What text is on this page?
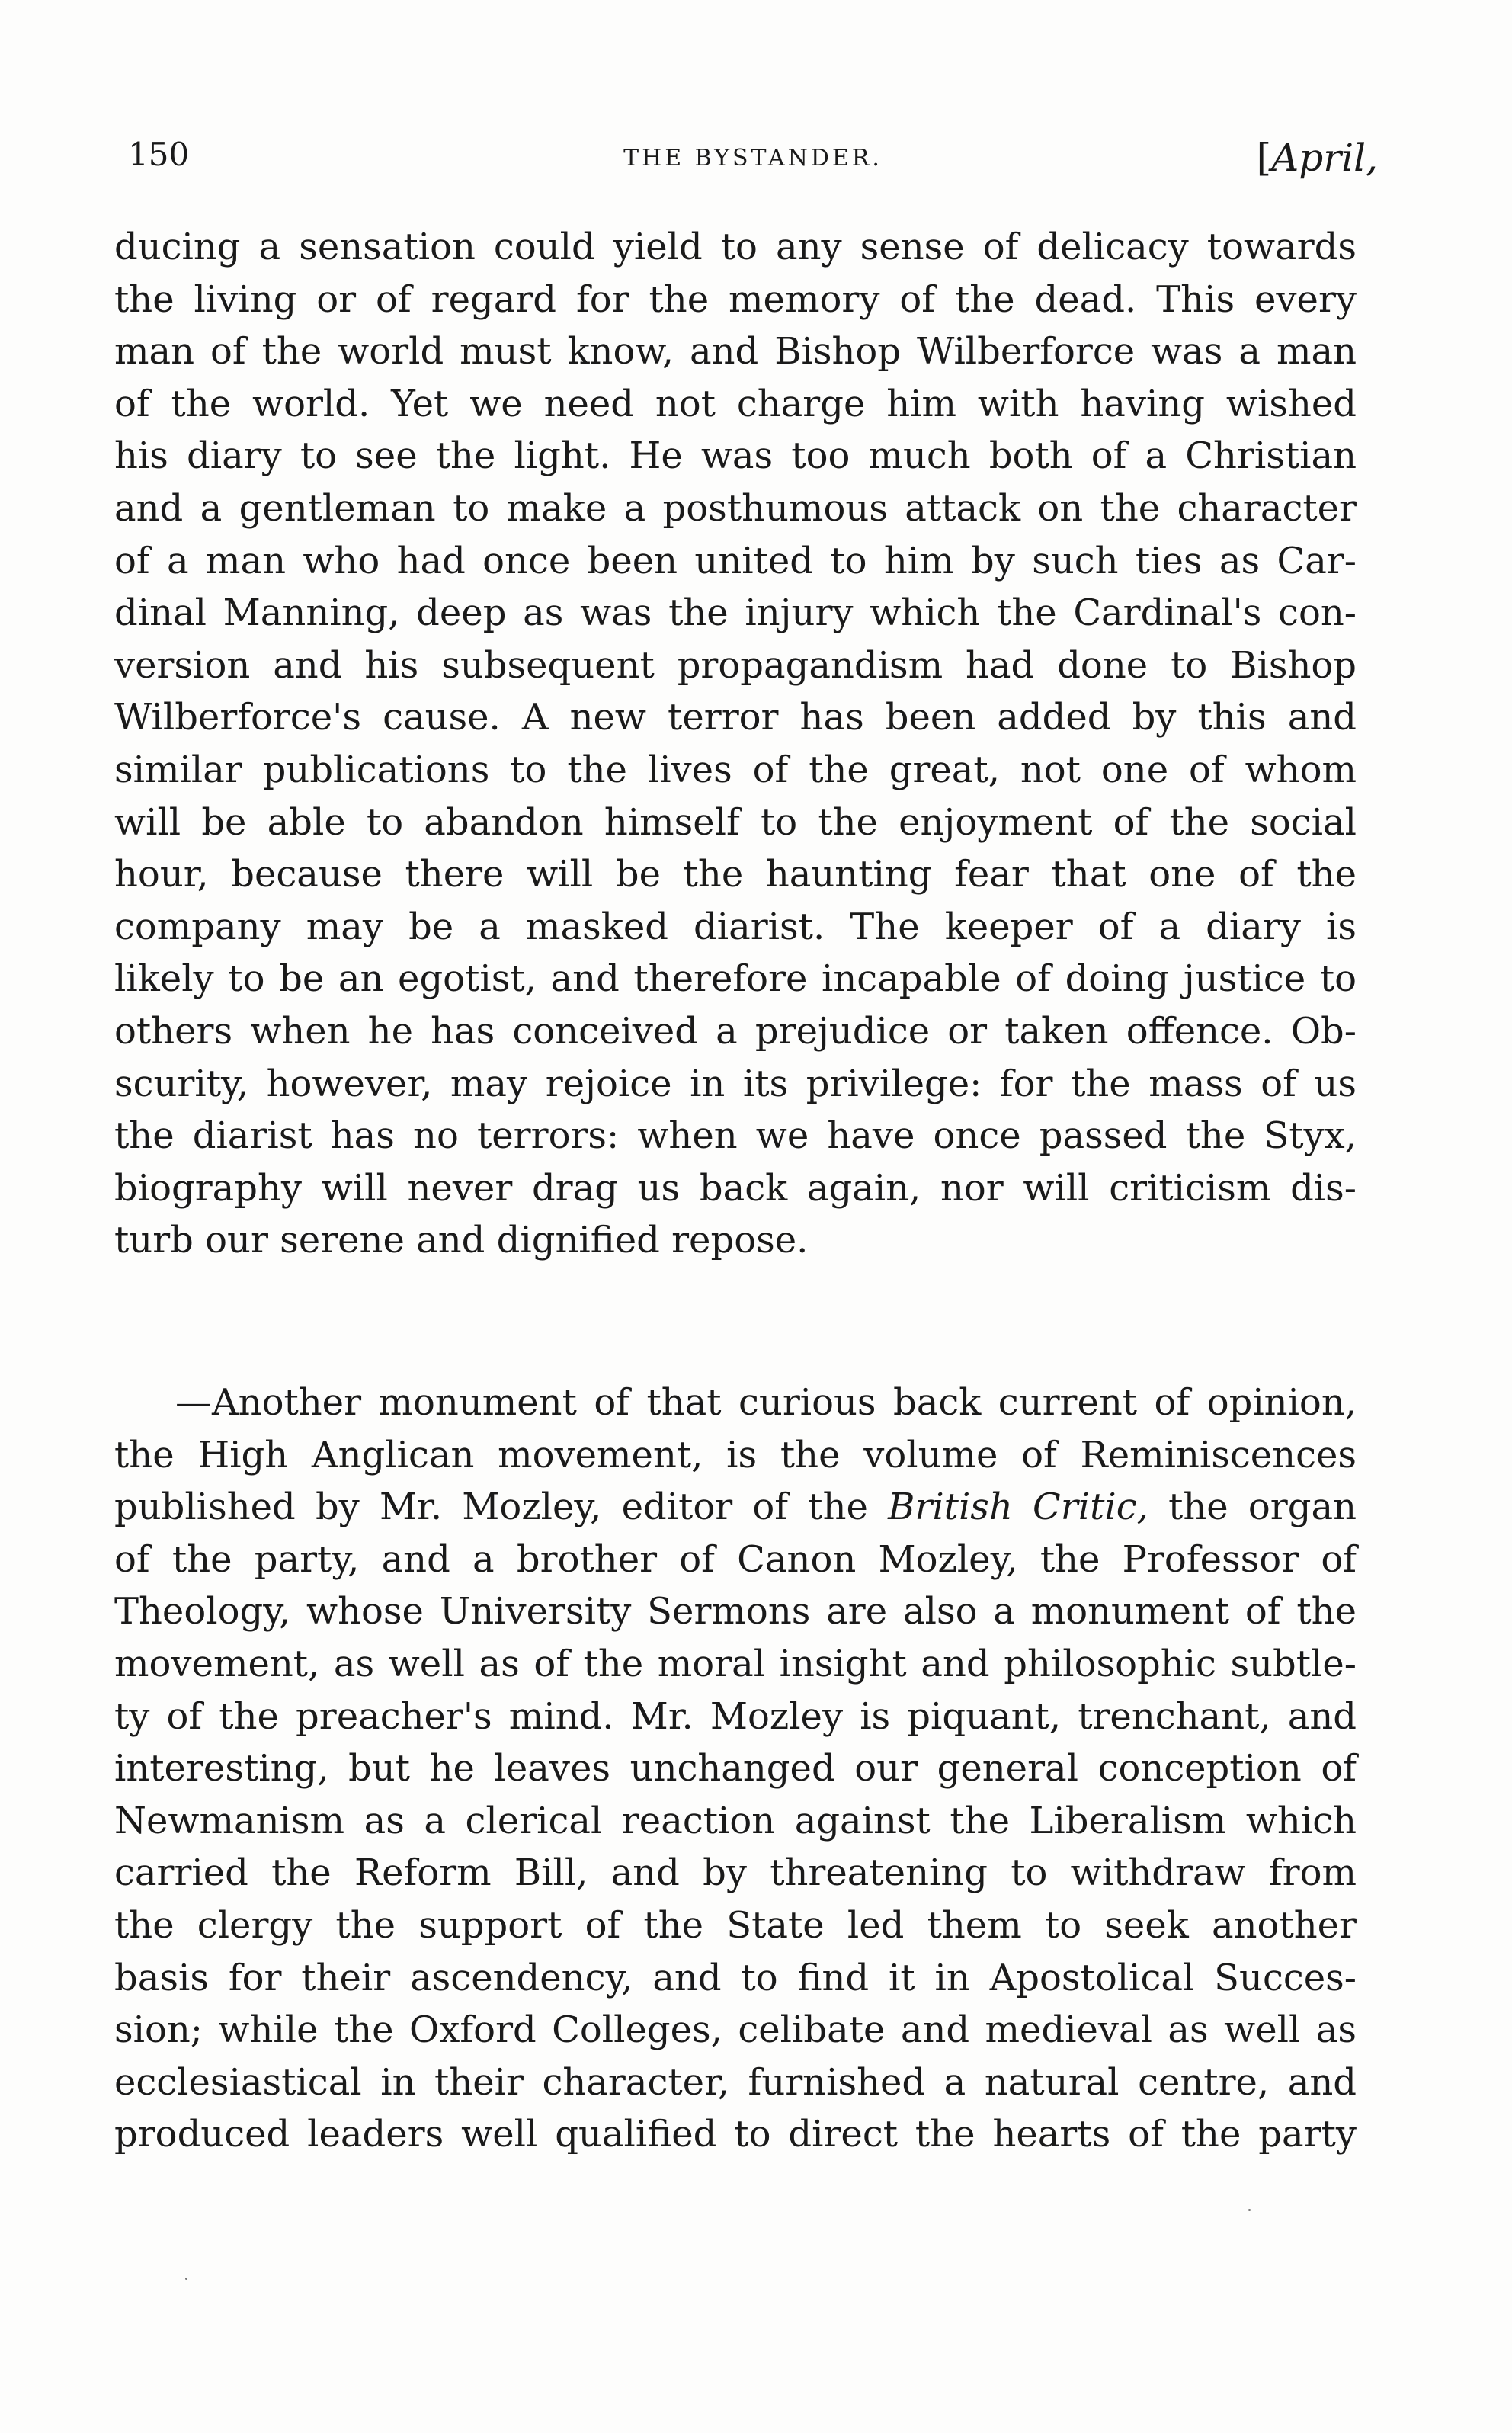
150	THE BYSTANDER.	[April,
ducing a sensation could yield to any sense of delicacy towards
the living or of regard for the memory of the dead. This every
man of the world must know, and Bishop Wilberforce was a man
of the world. Yet we need not charge him with having wished
his diary to see the light. He was too much both of a Christian
and a gentleman to make a posthumous attack on the character
of a man who had once been united to him by such ties as Car-
dinal Manning, deep as was the injury which the Cardinal's con-
version and his subsequent propagandism had done to Bishop
Wilberforce's cause. A new terror has been added by this and
similar publications to the lives of the great, not one of whom
will be able to abandon himself to the enjoyment of the social
hour, because there will be the haunting fear that one of the
company may be a masked diarist. The keeper of a diary is
likely to be an egotist, and therefore incapable of doing justice to
others when he has conceived a prejudice or taken offence. Ob-
scurity, however, may rejoice in its privilege: for the mass of us
the diarist has no terrors: when we have once passed the Styx,
biography will never drag us back again, nor will criticism dis-
turb our serene and dignified repose.
—Another monument of that curious back current of opinion,
the High Anglican movement, is the volume of Reminiscences
published by Mr. Mozley, editor of the British Critic, the organ
of the party, and a brother of Canon Mozley, the Professor of
Theology, whose University Sermons are also a monument of the
movement, as well as of the moral insight and philosophic subtle-
ty of the preacher's mind. Mr. Mozley is piquant, trenchant, and
interesting, but he leaves unchanged our general conception of
Newmanism as a clerical reaction against the Liberalism which
carried the Reform Bill, and by threatening to withdraw from
the clergy the support of the State led them to seek another
basis for their ascendency, and to find it in Apostolical Succes-
sion; while the Oxford Colleges, celibate and medieval as well as
ecclesiastical in their character, furnished a natural centre, and
produced leaders well qualified to direct the hearts of the party
